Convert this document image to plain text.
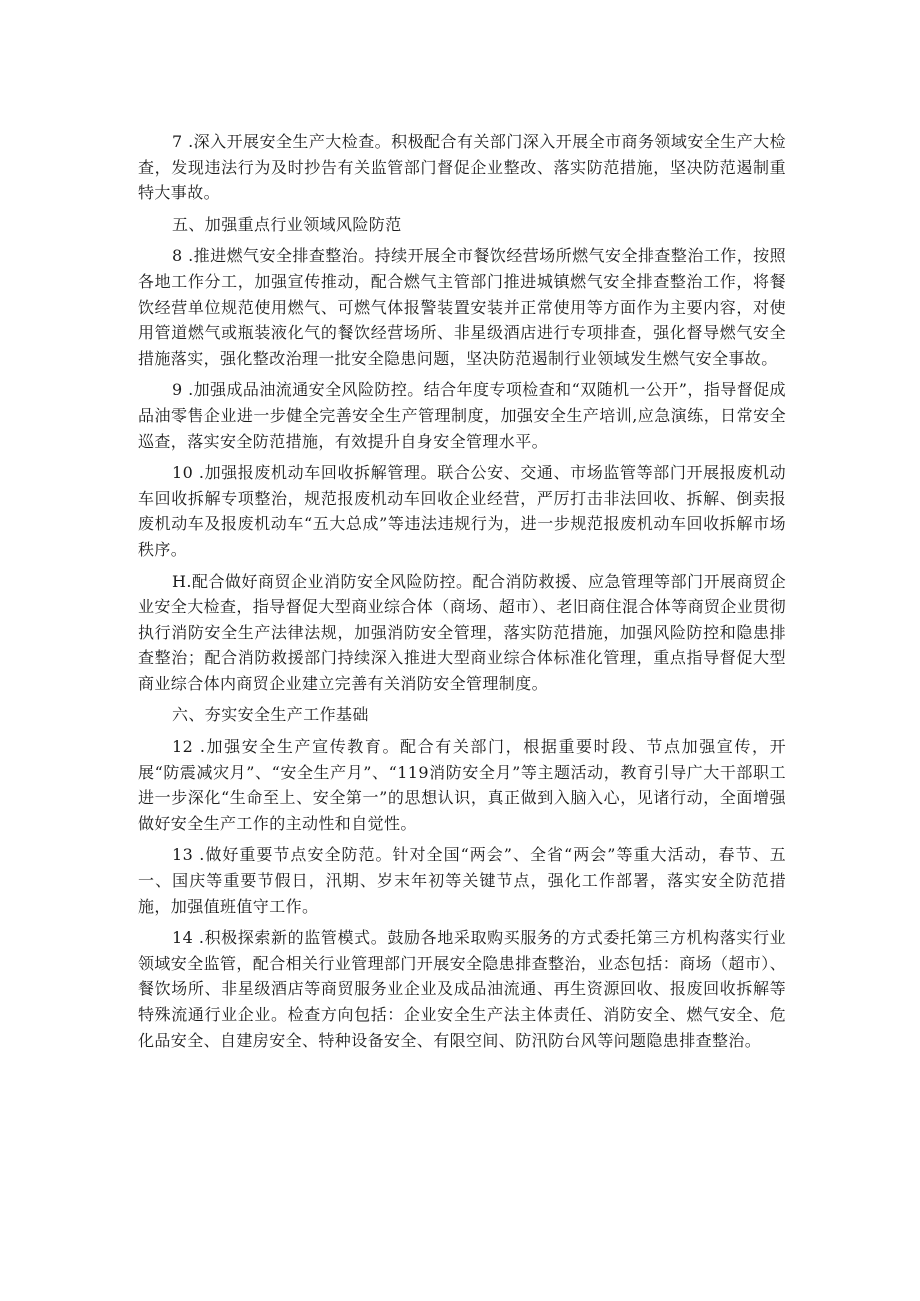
7 .深入开展安全生产大检查。积极配合有关部门深入开展全市商务领域安全生产大检查，发现违法行为及时抄告有关监管部门督促企业整改、落实防范措施，坚决防范遏制重特大事故。

五、加强重点行业领域风险防范

8 .推进燃气安全排查整治。持续开展全市餐饮经营场所燃气安全排查整治工作，按照各地工作分工，加强宣传推动，配合燃气主管部门推进城镇燃气安全排查整治工作，将餐饮经营单位规范使用燃气、可燃气体报警装置安装并正常使用等方面作为主要内容，对使用管道燃气或瓶装液化气的餐饮经营场所、非星级酒店进行专项排查，强化督导燃气安全措施落实，强化整改治理一批安全隐患问题，坚决防范遏制行业领域发生燃气安全事故。

9 .加强成品油流通安全风险防控。结合年度专项检查和“双随机一公开”，指导督促成品油零售企业进一步健全完善安全生产管理制度，加强安全生产培训,应急演练，日常安全巡查，落实安全防范措施，有效提升自身安全管理水平。

10 .加强报废机动车回收拆解管理。联合公安、交通、市场监管等部门开展报废机动车回收拆解专项整治，规范报废机动车回收企业经营，严厉打击非法回收、拆解、倒卖报废机动车及报废机动车“五大总成”等违法违规行为，进一步规范报废机动车回收拆解市场秩序。

H.配合做好商贸企业消防安全风险防控。配合消防救援、应急管理等部门开展商贸企业安全大检查，指导督促大型商业综合体（商场、超市）、老旧商住混合体等商贸企业贯彻执行消防安全生产法律法规，加强消防安全管理，落实防范措施，加强风险防控和隐患排查整治；配合消防救援部门持续深入推进大型商业综合体标准化管理，重点指导督促大型商业综合体内商贸企业建立完善有关消防安全管理制度。

六、夯实安全生产工作基础

12 .加强安全生产宣传教育。配合有关部门，根据重要时段、节点加强宣传，开展“防震减灾月”、“安全生产月”、“119消防安全月”等主题活动，教育引导广大干部职工进一步深化“生命至上、安全第一”的思想认识，真正做到入脑入心，见诸行动，全面增强做好安全生产工作的主动性和自觉性。

13 .做好重要节点安全防范。针对全国“两会”、全省“两会”等重大活动，春节、五一、国庆等重要节假日，汛期、岁末年初等关键节点，强化工作部署，落实安全防范措施，加强值班值守工作。

14 .积极探索新的监管模式。鼓励各地采取购买服务的方式委托第三方机构落实行业领域安全监管，配合相关行业管理部门开展安全隐患排查整治，业态包括：商场（超市）、餐饮场所、非星级酒店等商贸服务业企业及成品油流通、再生资源回收、报废回收拆解等特殊流通行业企业。检查方向包括：企业安全生产法主体责任、消防安全、燃气安全、危化品安全、自建房安全、特种设备安全、有限空间、防汛防台风等问题隐患排查整治。
